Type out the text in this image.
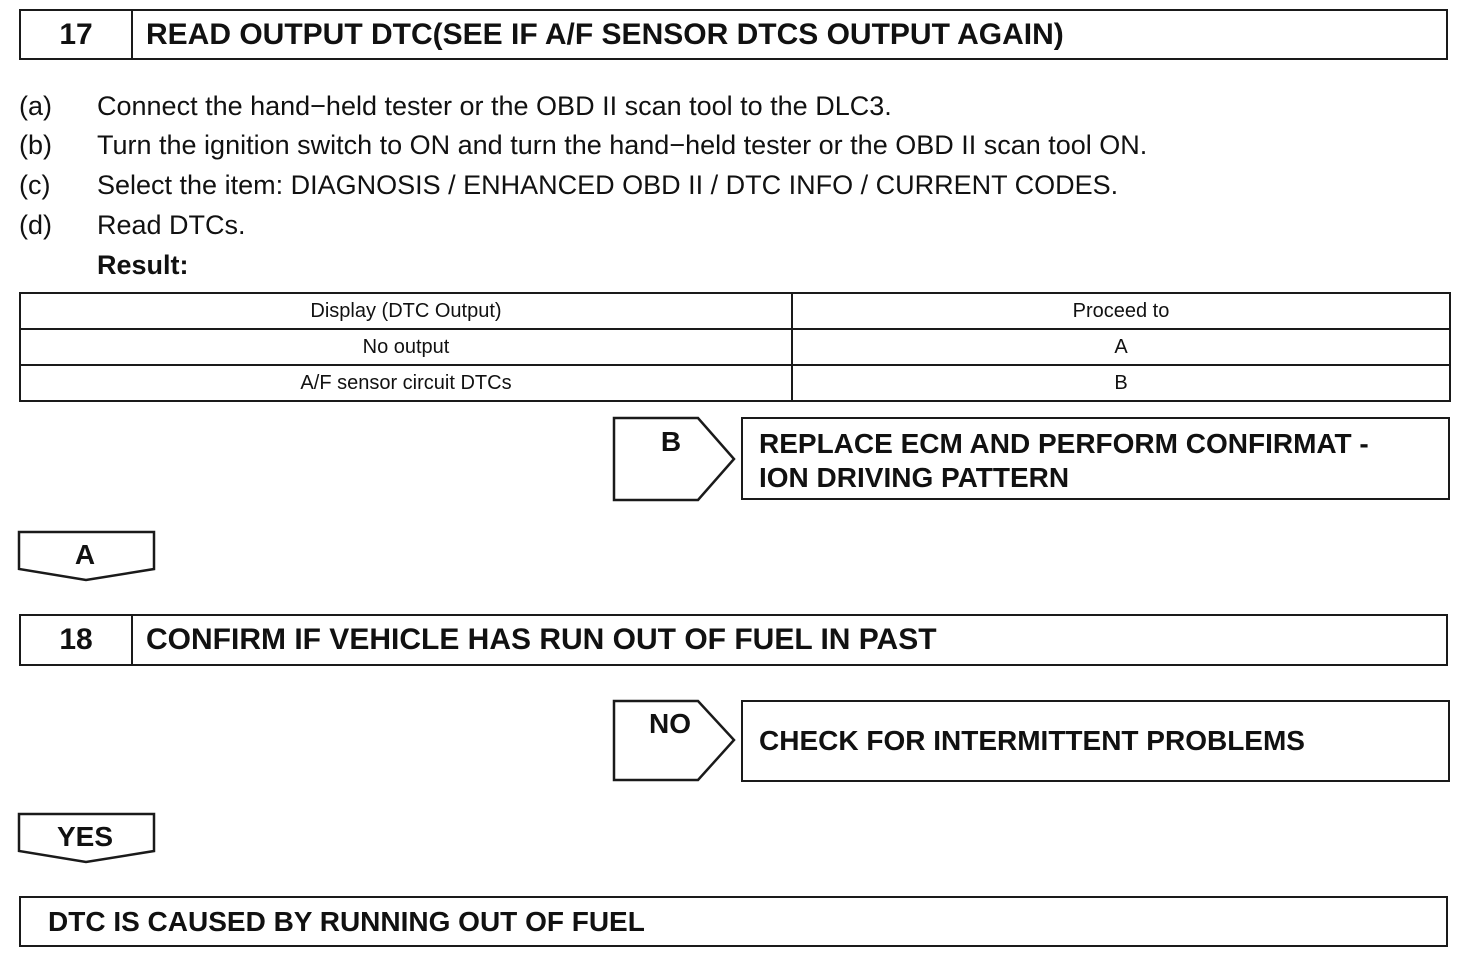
17	READ OUTPUT DTC(SEE IF A/F SENSOR DTCS OUTPUT AGAIN)
(a)	Connect the hand−held tester or the OBD II scan tool to the DLC3.
(b)	Turn the ignition switch to ON and turn the hand−held tester or the OBD II scan tool ON.
(c)	Select the item: DIAGNOSIS / ENHANCED OBD II / DTC INFO / CURRENT CODES.
(d)	Read DTCs.
Result:
Display (DTC Output)	Proceed to
No output	A
A/F sensor circuit DTCs	B
B	REPLACE ECM AND PERFORM CONFIRMAT -
ION DRIVING PATTERN
A
18	CONFIRM IF VEHICLE HAS RUN OUT OF FUEL IN PAST
NO
CHECK FOR INTERMITTENT PROBLEMS
YES
DTC IS CAUSED BY RUNNING OUT OF FUEL
